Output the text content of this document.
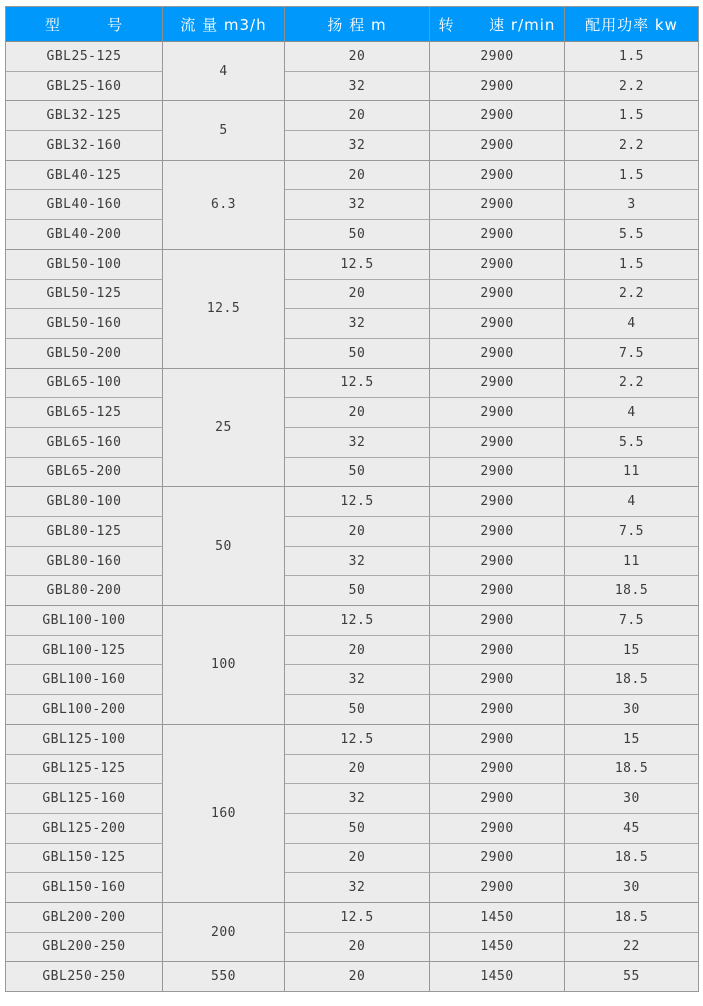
型        号	流 量 m3/h	扬 程 m	转      速 r/min	配用功率 kw
GBL25-125	4	20	2900	1.5
GBL25-160		32	2900	2.2
GBL32-125	5	20	2900	1.5
GBL32-160		32	2900	2.2
GBL40-125	6.3	20	2900	1.5
GBL40-160		32	2900	3
GBL40-200		50	2900	5.5
GBL50-100	12.5	12.5	2900	1.5
GBL50-125		20	2900	2.2
GBL50-160		32	2900	4
GBL50-200		50	2900	7.5
GBL65-100	25	12.5	2900	2.2
GBL65-125		20	2900	4
GBL65-160		32	2900	5.5
GBL65-200		50	2900	11
GBL80-100	50	12.5	2900	4
GBL80-125		20	2900	7.5
GBL80-160		32	2900	11
GBL80-200		50	2900	18.5
GBL100-100	100	12.5	2900	7.5
GBL100-125		20	2900	15
GBL100-160		32	2900	18.5
GBL100-200		50	2900	30
GBL125-100	160	12.5	2900	15
GBL125-125		20	2900	18.5
GBL125-160		32	2900	30
GBL125-200		50	2900	45
GBL150-125		20	2900	18.5
GBL150-160		32	2900	30
GBL200-200	200	12.5	1450	18.5
GBL200-250		20	1450	22
GBL250-250	550	20	1450	55
